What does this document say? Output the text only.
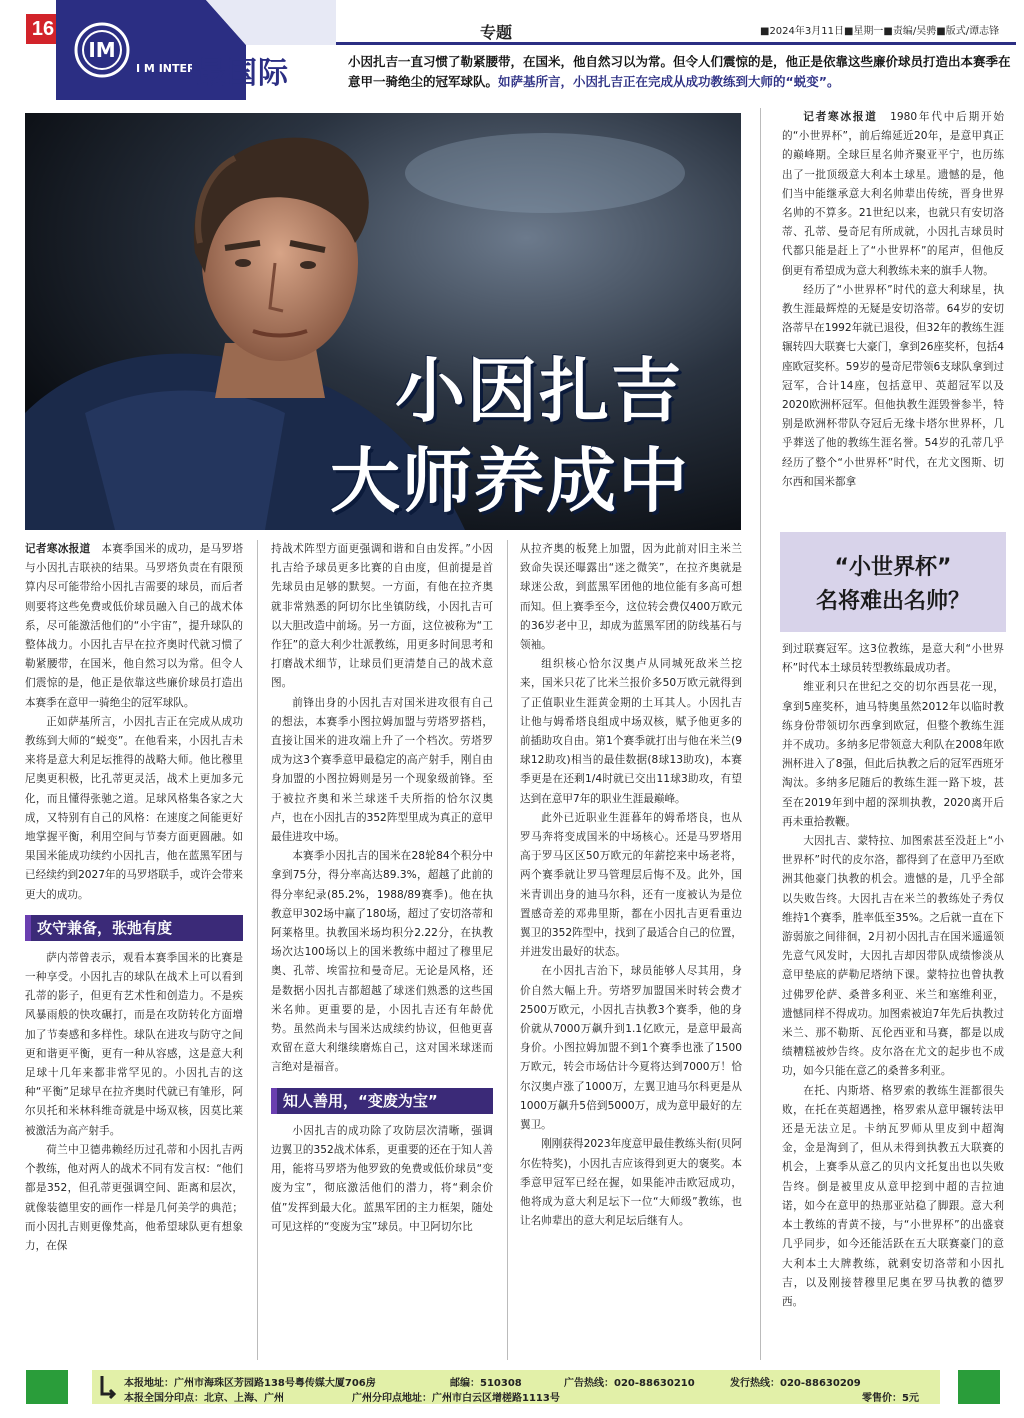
16
IM
I M INTER
专题	■2024年3月11日■星期一■责编/吴骋■版式/谭志锋
最国际	小因扎吉一直习惯了勒紧腰带，在国米，他自然习以为常。但令人们震惊的是，他正是依靠这些廉价球员打造出本赛季在意甲一骑绝尘的冠军球队。如萨基所言，小因扎吉正在完成从成功教练到大师的“蜕变”。
小因扎吉
大师养成中

记者寒冰报道　 本赛季国米的成功，是马罗塔与小因扎吉联袂的结果。马罗塔负责在有限预算内尽可能带给小因扎吉需要的球员，而后者则要将这些免费或低价球员融入自己的战术体系，尽可能激活他们的“小宇宙”，提升球队的整体战力。小因扎吉早在拉齐奥时代就习惯了勒紧腰带，在国米，他自然习以为常。但令人们震惊的是，他正是依靠这些廉价球员打造出本赛季在意甲一骑绝尘的冠军球队。

正如萨基所言，小因扎吉正在完成从成功教练到大师的“蜕变”。在他看来，小因扎吉未来将是意大利足坛推得的战略大师。他比穆里尼奥更积极，比孔蒂更灵活，战术上更加多元化，而且懂得张驰之道。足球风格集各家之大成，又特别有自己的风格：在速度之间能更好地掌握平衡，利用空间与节奏方面更圆融。如果国米能成功续约小因扎吉，他在蓝黑军团与已经续约到2027年的马罗塔联手，或许会带来更大的成功。

攻守兼备，张弛有度

萨内蒂曾表示，观看本赛季国米的比赛是一种享受。小因扎吉的球队在战术上可以看到孔蒂的影子，但更有艺术性和创造力。不是疾风暴雨般的快攻碾打，而是在攻防转化方面增加了节奏感和多样性。球队在进攻与防守之间更和谐更平衡，更有一种从容感，这是意大利足球十几年来都非常罕见的。小因扎吉的这种“平衡”足球早在拉齐奥时代就已有雏形，阿尔贝托和米林科维奇就是中场双核，因莫比莱被激活为高产射手。

荷兰中卫德弗赖经历过孔蒂和小因扎吉两个教练，他对两人的战术不同有发言权：“他们都是352，但孔蒂更强调空间、距离和层次，就像装德里安的画作一样是几何美学的典范；而小因扎吉则更像梵高，他希望球队更有想象力，在保

持战术阵型方面更强调和谐和自由发挥。”小因扎吉给予球员更多比赛的自由度，但前提是首先球员由足够的默契。一方面，有他在拉齐奥就非常熟悉的阿切尔比坐镇防线，小因扎吉可以大胆改造中前场。另一方面，这位被称为“工作狂”的意大利少壮派教练，用更多时间思考和打磨战术细节，让球员们更清楚自己的战术意图。

前锋出身的小因扎吉对国米进攻很有自己的想法，本赛季小图拉姆加盟与劳塔罗搭档，直接让国米的进攻端上升了一个档次。劳塔罗成为这3个赛季意甲最稳定的高产射手，刚自由身加盟的小图拉姆则是另一个现象级前锋。至于被拉齐奥和米兰球迷千夫所指的恰尔汉奥卢，也在小因扎吉的352阵型里成为真正的意甲最佳进攻中场。

本赛季小因扎吉的国米在28轮84个积分中拿到75分，得分率高达89.3%，超越了此前的得分率纪录(85.2%，1988/89赛季)。他在执教意甲302场中赢了180场，超过了安切洛蒂和阿莱格里。执教国米场均积分2.22分，在执教场次达100场以上的国米教练中超过了穆里尼奥、孔蒂、埃雷拉和曼奇尼。无论是风格，还是数据小因扎吉都超越了球迷们熟悉的这些国米名帅。更重要的是，小因扎吉还有年龄优势。虽然尚未与国米达成续约协议，但他更喜欢留在意大利继续磨炼自己，这对国米球迷而言绝对是福音。

知人善用，“变废为宝”

小因扎吉的成功除了攻防层次清晰，强调边翼卫的352战术体系，更重要的还在于知人善用，能将马罗塔为他罗致的免费或低价球员“变废为宝”，彻底激活他们的潜力，将“剩余价值”发挥到最大化。蓝黑军团的主力框架，随处可见这样的“变废为宝”球员。中卫阿切尔比

从拉齐奥的板凳上加盟，因为此前对旧主米兰致命失误还曝露出“迷之微笑”，在拉齐奥就是球迷公敌，到蓝黑军团他的地位能有多高可想而知。但上赛季至今，这位转会费仅400万欧元的36岁老中卫，却成为蓝黑军团的防线基石与领袖。

组织核心恰尔汉奥卢从同城死敌米兰挖来，国米只花了比米兰报价多50万欧元就得到了正值职业生涯黄金期的土耳其人。小因扎吉让他与姆希塔良组成中场双核，赋予他更多的前插助攻自由。第1个赛季就打出与他在米兰(9球12助攻)相当的最佳数据(8球13助攻)，本赛季更是在还剩1/4时就已交出11球3助攻，有望达到在意甲7年的职业生涯最巅峰。

此外已近职业生涯暮年的姆希塔良，也从罗马奔将变成国米的中场核心。还是马罗塔用高于罗马区区50万欧元的年薪挖来中场老将，两个赛季就让罗马管理层后悔不及。此外，国米青训出身的迪马尔科，还有一度被认为是位置感奇差的邓弗里斯，都在小因扎吉更看重边翼卫的352阵型中，找到了最适合自己的位置，并进发出最好的状态。

在小因扎吉治下，球员能够人尽其用，身价自然大幅上升。劳塔罗加盟国米时转会费才2500万欧元，小因扎吉执教3个赛季，他的身价就从7000万飙升到1.1亿欧元，是意甲最高身价。小图拉姆加盟不到1个赛季也涨了1500万欧元，转会市场估计今夏将达到7000万！恰尔汉奥卢涨了1000万，左翼卫迪马尔科更是从1000万飙升5倍到5000万，成为意甲最好的左翼卫。

刚刚获得2023年度意甲最佳教练头衔(贝阿尔佐特奖)，小因扎吉应该得到更大的褒奖。本季意甲冠军已经在握，如果能冲击欧冠成功，他将成为意大利足坛下一位“大师级”教练，也让名帅辈出的意大利足坛后继有人。

记者寒冰报道　 1980年代中后期开始的“小世界杯”，前后绵延近20年，是意甲真正的巅峰期。全球巨星名帅齐聚亚平宁，也历练出了一批顶级意大利本土球星。遗憾的是，他们当中能继承意大利名帅辈出传统，晋身世界名帅的不算多。21世纪以来，也就只有安切洛蒂、孔蒂、曼奇尼有所成就，小因扎吉球员时代都只能是赶上了“小世界杯”的尾声，但他反倒更有希望成为意大利教练未来的旗手人物。

经历了“小世界杯”时代的意大利球星，执教生涯最辉煌的无疑是安切洛蒂。64岁的安切洛蒂早在1992年就已退役，但32年的教练生涯辗转四大联赛七大豪门，拿到26座奖杯，包括4座欧冠奖杯。59岁的曼奇尼带领6支球队拿到过冠军，合计14座，包括意甲、英超冠军以及2020欧洲杯冠军。但他执教生涯毁誉参半，特别是欧洲杯带队夺冠后无缘卡塔尔世界杯，几乎葬送了他的教练生涯名誉。54岁的孔蒂几乎经历了整个“小世界杯”时代，在尤文图斯、切尔西和国米都拿

“小世界杯”
名将难出名帅？

到过联赛冠军。这3位教练，是意大利“小世界杯”时代本土球员转型教练最成功者。

维亚利只在世纪之交的切尔西昙花一现，拿到5座奖杯，迪马特奥虽然2012年以临时教练身份带领切尔西拿到欧冠，但整个教练生涯并不成功。多纳多尼带领意大利队在2008年欧洲杯进入了8强，但此后执教之后的冠军西班牙淘汰。多纳多尼随后的教练生涯一路下坡，甚至在2019年到中超的深圳执教，2020离开后再未重拾教鞭。

大因扎吉、蒙特拉、加图索甚至没赶上“小世界杯”时代的皮尔洛，都得到了在意甲乃至欧洲其他豪门执教的机会。遗憾的是，几乎全部以失败告终。大因扎吉在米兰的教练处子秀仅维持1个赛季，胜率低至35%。之后就一直在下游弱旅之间徘徊，2月初小因扎吉在国米遥遥领先意气风发时，大因扎吉却因带队成绩惨淡从意甲垫底的萨勒尼塔纳下课。蒙特拉也曾执教过佛罗伦萨、桑普多利亚、米兰和塞维利亚，遗憾同样不得成功。加图索被迫7年先后执教过米兰、那不勒斯、瓦伦西亚和马赛，都是以成绩糟糕被炒告终。皮尔洛在尤文的起步也不成功，如今只能在意乙的桑普多利亚。

在托、内斯塔、格罗索的教练生涯都很失败，在托在英超遇挫，格罗索从意甲辗转法甲还是无法立足。卡纳瓦罗师从里皮到中超淘金，金是淘到了，但从未得到执教五大联赛的机会，上赛季从意乙的贝内文托复出也以失败告终。倒是被里皮从意甲挖到中超的吉拉迪诺，如今在意甲的热那亚站稳了脚跟。意大利本土教练的青黄不接，与“小世界杯”的出盛衰几乎同步，如今还能活跃在五大联赛豪门的意大利本土大牌教练，就剩安切洛蒂和小因扎吉，以及刚接替穆里尼奥在罗马执教的德罗西。

本报地址：广州市海珠区芳园路138号粤传媒大厦706房	邮编：510308	广告热线：020-88630210	发行热线：020-88630209
本报全国分印点：北京、上海、广州	广州分印点地址：广州市白云区增槎路1113号	零售价：5元
